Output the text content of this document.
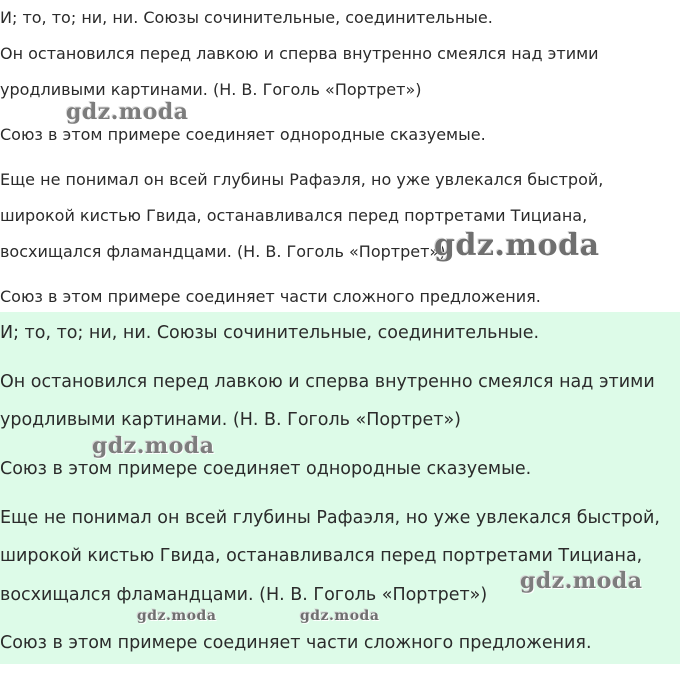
И; то, то; ни, ни. Союзы сочинительные, соединительные.
Он остановился перед лавкою и сперва внутренно смеялся над этими
уродливыми картинами. (Н. В. Гоголь «Портрет»)
Союз в этом примере соединяет однородные сказуемые.
Еще не понимал он всей глубины Рафаэля, но уже увлекался быстрой,
широкой кистью Гвида, останавливался перед портретами Тициана,
восхищался фламандцами. (Н. В. Гоголь «Портрет»)
Союз в этом примере соединяет части сложного предложения.
И; то, то; ни, ни. Союзы сочинительные, соединительные.
Он остановился перед лавкою и сперва внутренно смеялся над этими
уродливыми картинами. (Н. В. Гоголь «Портрет»)
Союз в этом примере соединяет однородные сказуемые.
Еще не понимал он всей глубины Рафаэля, но уже увлекался быстрой,
широкой кистью Гвида, останавливался перед портретами Тициана,
восхищался фламандцами. (Н. В. Гоголь «Портрет»)
Союз в этом примере соединяет части сложного предложения.
gdz.moda
gdz.moda
gdz.moda
gdz.moda
gdz.moda	gdz.moda
